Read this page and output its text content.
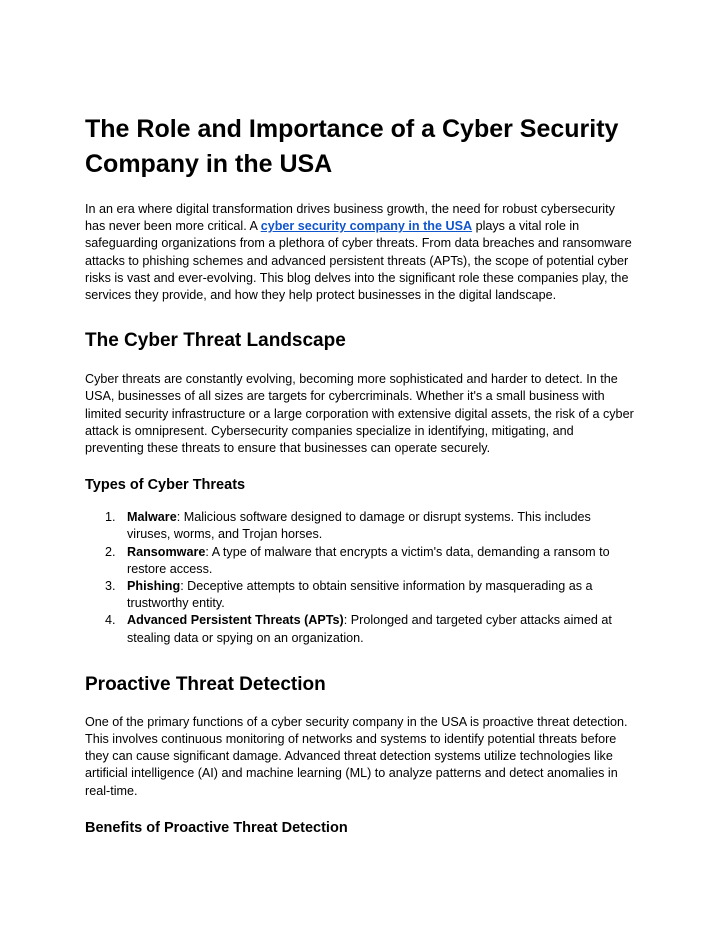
The Role and Importance of a Cyber Security Company in the USA

In an era where digital transformation drives business growth, the need for robust cybersecurity has never been more critical. A cyber security company in the USA plays a vital role in safeguarding organizations from a plethora of cyber threats. From data breaches and ransomware attacks to phishing schemes and advanced persistent threats (APTs), the scope of potential cyber risks is vast and ever-evolving. This blog delves into the significant role these companies play, the services they provide, and how they help protect businesses in the digital landscape.

The Cyber Threat Landscape

Cyber threats are constantly evolving, becoming more sophisticated and harder to detect. In the USA, businesses of all sizes are targets for cybercriminals. Whether it's a small business with limited security infrastructure or a large corporation with extensive digital assets, the risk of a cyber attack is omnipresent. Cybersecurity companies specialize in identifying, mitigating, and preventing these threats to ensure that businesses can operate securely.

Types of Cyber Threats
1. Malware: Malicious software designed to damage or disrupt systems. This includes viruses, worms, and Trojan horses.
2. Ransomware: A type of malware that encrypts a victim's data, demanding a ransom to restore access.
3. Phishing: Deceptive attempts to obtain sensitive information by masquerading as a trustworthy entity.
4. Advanced Persistent Threats (APTs): Prolonged and targeted cyber attacks aimed at stealing data or spying on an organization.
Proactive Threat Detection

One of the primary functions of a cyber security company in the USA is proactive threat detection. This involves continuous monitoring of networks and systems to identify potential threats before they can cause significant damage. Advanced threat detection systems utilize technologies like artificial intelligence (AI) and machine learning (ML) to analyze patterns and detect anomalies in real-time.

Benefits of Proactive Threat Detection
